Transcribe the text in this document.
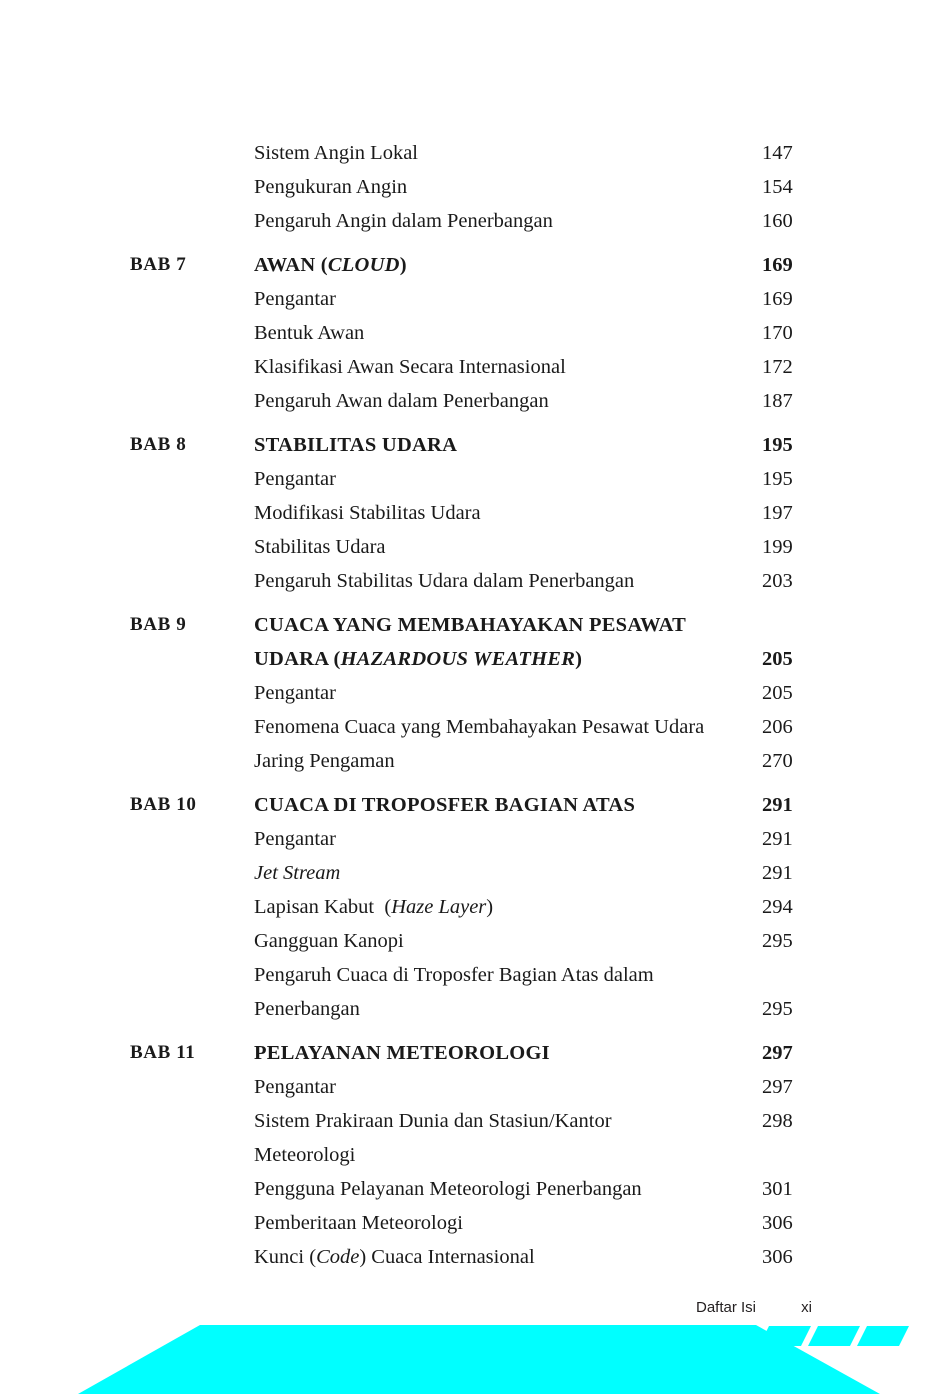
	Sistem Angin Lokal	147
	Pengukuran Angin	154
	Pengaruh Angin dalam Penerbangan	160

BAB 7	AWAN (CLOUD)	169
	Pengantar	169
	Bentuk Awan	170
	Klasifikasi Awan Secara Internasional	172
	Pengaruh Awan dalam Penerbangan	187

BAB 8	STABILITAS UDARA	195
	Pengantar	195
	Modifikasi Stabilitas Udara	197
	Stabilitas Udara	199
	Pengaruh Stabilitas Udara dalam Penerbangan	203

BAB 9	CUACA YANG MEMBAHAYAKAN PESAWAT
UDARA (HAZARDOUS WEATHER)	205
	Pengantar	205
	Fenomena Cuaca yang Membahayakan Pesawat Udara	206
	Jaring Pengaman	270

BAB 10	CUACA DI TROPOSFER BAGIAN ATAS	291
	Pengantar	291
	Jet Stream	291
	Lapisan Kabut  (Haze Layer)	294
	Gangguan Kanopi	295
	Pengaruh Cuaca di Troposfer Bagian Atas dalam
Penerbangan	295

BAB 11	PELAYANAN METEOROLOGI	297
	Pengantar	297
	Sistem Prakiraan Dunia dan Stasiun/Kantor
Meteorologi	298
	Pengguna Pelayanan Meteorologi Penerbangan	301
	Pemberitaan Meteorologi	306
	Kunci (Code) Cuaca Internasional	306
Daftar Isi	xi
